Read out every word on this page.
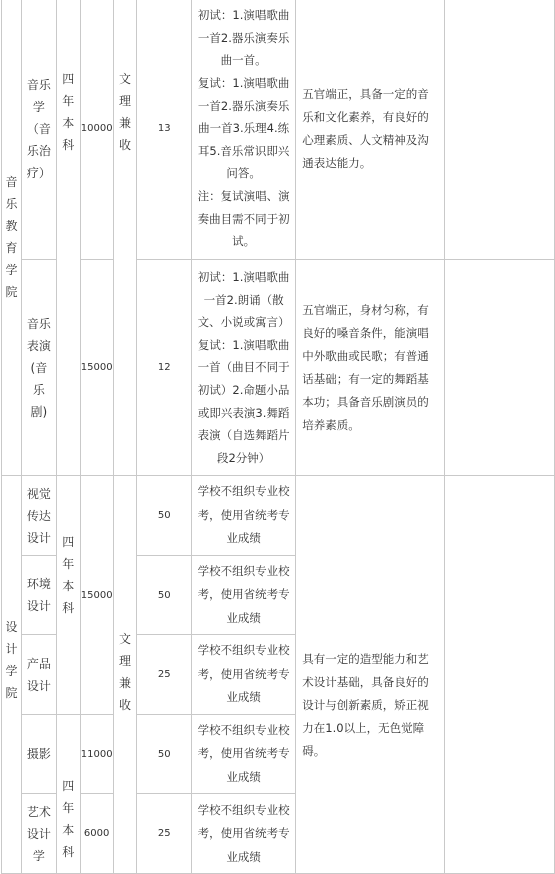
音乐教育学院	音乐学（音乐治疗）	四年本科	10000	文理兼收	13	初试：1.演唱歌曲一首2.器乐演奏乐曲一首。
复试：1.演唱歌曲一首2.器乐演奏乐曲一首3.乐理4.练耳5.音乐常识即兴问答。
注：复试演唱、演奏曲目需不同于初试。	五官端正，具备一定的音乐和文化素养，有良好的心理素质、人文精神及沟通表达能力。	

	音乐表演(音乐剧)		15000		12	初试：1.演唱歌曲一首2.朗诵（散文、小说或寓言）
复试：1.演唱歌曲一首（曲目不同于初试）2.命题小品或即兴表演3.舞蹈表演（自选舞蹈片段2分钟）	五官端正，身材匀称，有良好的嗓音条件，能演唱中外歌曲或民歌；有普通话基础；有一定的舞蹈基本功；具备音乐剧演员的培养素质。	

设计学院	视觉传达设计	四年本科	15000	文理兼收	50	学校不组织专业校考，使用省统考专业成绩	具有一定的造型能力和艺术设计基础，具备良好的设计与创新素质，矫正视力在1.0以上，无色觉障碍。	

	环境设计				50	学校不组织专业校考，使用省统考专业成绩		

	产品设计				25	学校不组织专业校考，使用省统考专业成绩		

	摄影	四年本科	11000		50	学校不组织专业校考，使用省统考专业成绩		

	艺术设计学		6000		25	学校不组织专业校考，使用省统考专业成绩		
